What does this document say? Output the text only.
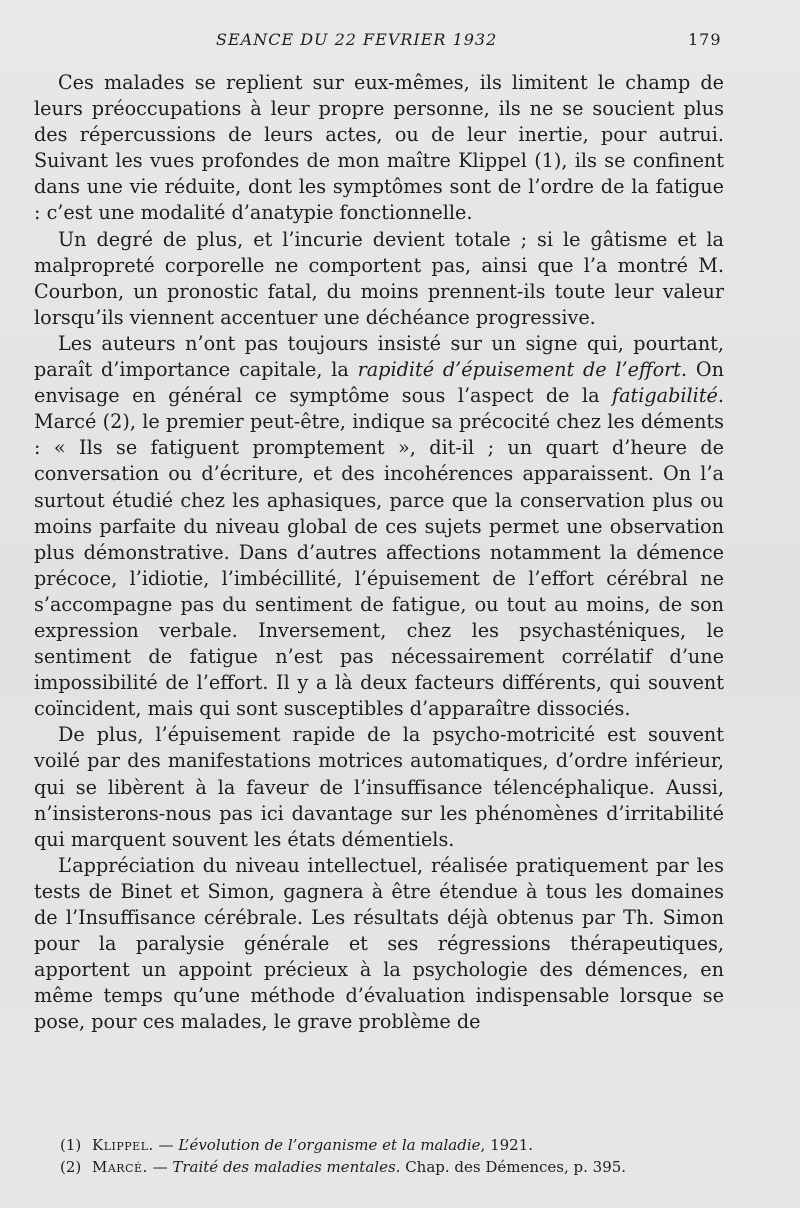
SEANCE DU 22 FEVRIER 1932	179

Ces malades se replient sur eux-mêmes, ils limitent le champ de leurs préoccupations à leur propre personne, ils ne se soucient plus des répercussions de leurs actes, ou de leur inertie, pour autrui. Suivant les vues profondes de mon maître Klippel (1), ils se confinent dans une vie réduite, dont les symptômes sont de l’ordre de la fatigue : c’est une modalité d’anatypie fonctionnelle.

Un degré de plus, et l’incurie devient totale ; si le gâtisme et la malpropreté corporelle ne comportent pas, ainsi que l’a montré M. Courbon, un pronostic fatal, du moins prennent-ils toute leur valeur lorsqu’ils viennent accentuer une déchéance progressive.

Les auteurs n’ont pas toujours insisté sur un signe qui, pourtant, paraît d’importance capitale, la rapidité d’épuisement de l’effort. On envisage en général ce symptôme sous l’aspect de la fatigabilité. Marcé (2), le premier peut-être, indique sa précocité chez les déments : « Ils se fatiguent promptement », dit-il ; un quart d’heure de conversation ou d’écriture, et des incohérences apparaissent. On l’a surtout étudié chez les aphasiques, parce que la conservation plus ou moins parfaite du niveau global de ces sujets permet une observation plus démonstrative. Dans d’autres affections notamment la démence précoce, l’idiotie, l’imbécillité, l’épuisement de l’effort cérébral ne s’accompagne pas du sentiment de fatigue, ou tout au moins, de son expression verbale. Inversement, chez les psychasténiques, le sentiment de fatigue n’est pas nécessairement corrélatif d’une impossibilité de l’effort. Il y a là deux facteurs différents, qui souvent coïncident, mais qui sont susceptibles d’apparaître dissociés.

De plus, l’épuisement rapide de la psycho-motricité est souvent voilé par des manifestations motrices automatiques, d’ordre inférieur, qui se libèrent à la faveur de l’insuffisance télencéphalique. Aussi, n’insisterons-nous pas ici davantage sur les phénomènes d’irritabilité qui marquent souvent les états démentiels.

L’appréciation du niveau intellectuel, réalisée pratiquement par les tests de Binet et Simon, gagnera à être étendue à tous les domaines de l’Insuffisance cérébrale. Les résultats déjà obtenus par Th. Simon pour la paralysie générale et ses régressions thérapeutiques, apportent un appoint précieux à la psychologie des démences, en même temps qu’une méthode d’évaluation indispensable lorsque se pose, pour ces malades, le grave problème de

(1) Klippel. — L’évolution de l’organisme et la maladie, 1921.
(2) Marcé. — Traité des maladies mentales. Chap. des Démences, p. 395.
